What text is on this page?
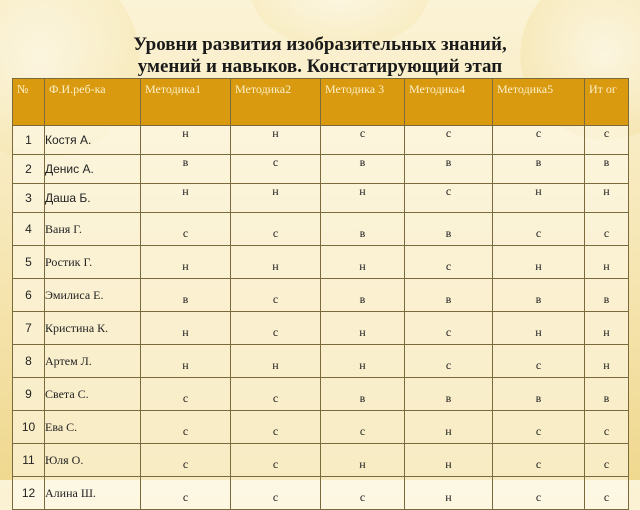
Уровни развития изобразительных знаний,
умений и навыков. Констатирующий этап
№	Ф.И.реб-ка	Методика1	Методика2	Методика 3	Методика4	Методика5	Ит ог
1	Костя А.	н	н	с	с	с	с
2	Денис А.	в	с	в	в	в	в
3	Даша Б.	н	н	н	с	н	н
4	Ваня Г.	с	с	в	в	с	с
5	Ростик Г.	н	н	н	с	н	н
6	Эмилиса Е.	в	с	в	в	в	в
7	Кристина К.	н	с	н	с	н	н
8	Артем Л.	н	н	н	с	с	н
9	Света С.	с	с	в	в	в	в
10	Ева С.	с	с	с	н	с	с
11	Юля О.	с	с	н	н	с	с
12	Алина Ш.	с	с	с	н	с	с
